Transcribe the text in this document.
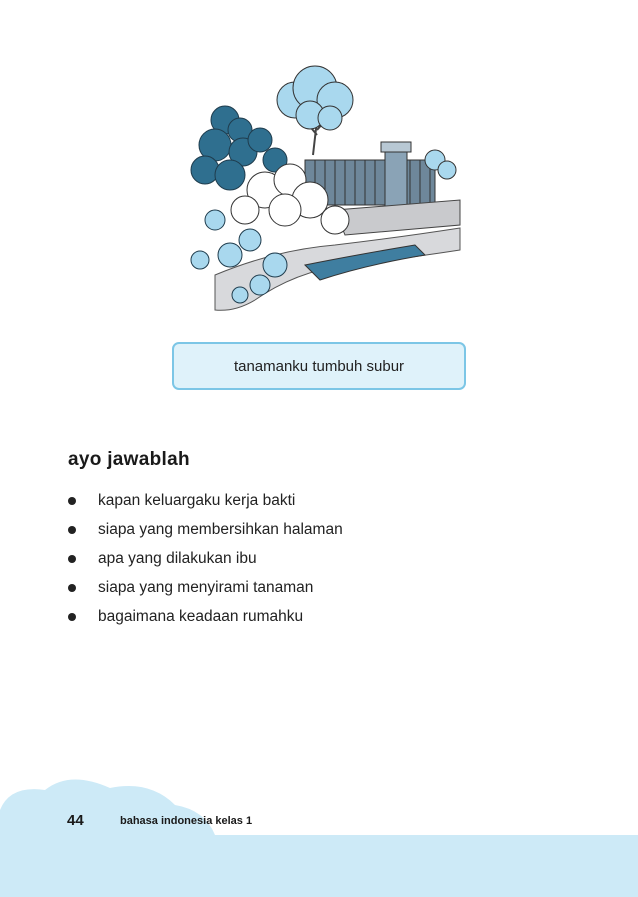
tanamanku tumbuh subur
ayo jawablah
kapan keluargaku kerja bakti
siapa yang membersihkan halaman
apa yang dilakukan ibu
siapa yang menyirami tanaman
bagaimana keadaan rumahku
44	bahasa indonesia kelas 1
